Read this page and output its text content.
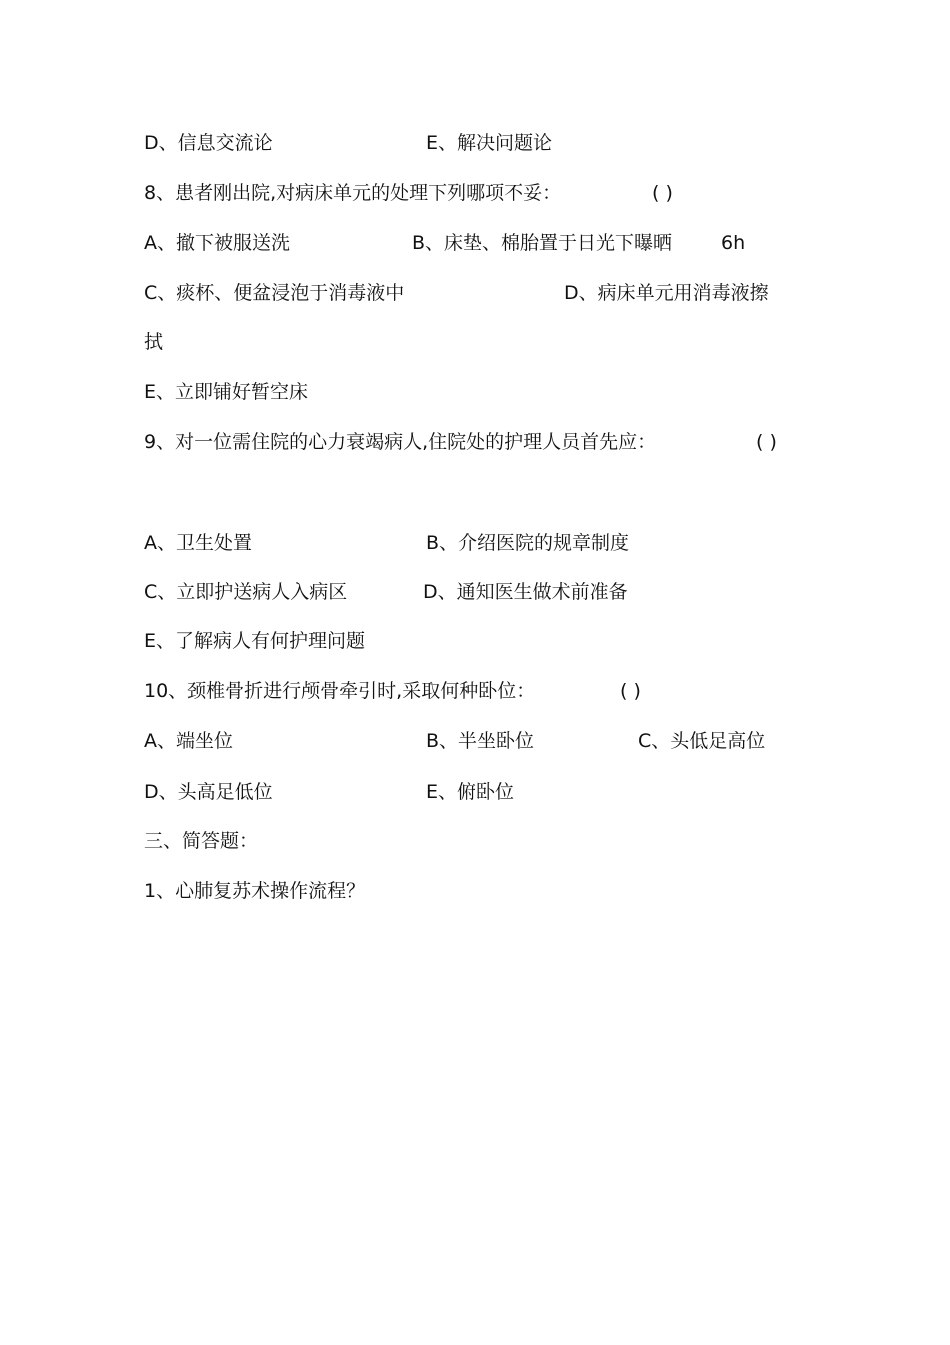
D、信息交流论	E、解决问题论
8、患者刚出院,对病床单元的处理下列哪项不妥：	( )
A、撤下被服送洗	B、床垫、棉胎置于日光下曝晒	6h
C、痰杯、便盆浸泡于消毒液中	D、病床单元用消毒液擦
拭
E、立即铺好暂空床
9、对一位需住院的心力衰竭病人,住院处的护理人员首先应：	( )
A、卫生处置	B、介绍医院的规章制度
C、立即护送病人入病区	D、通知医生做术前准备
E、了解病人有何护理问题
10、颈椎骨折进行颅骨牵引时,采取何种卧位：	( )
A、端坐位	B、半坐卧位	C、头低足高位
D、头高足低位	E、俯卧位
三、简答题：
1、心肺复苏术操作流程？
